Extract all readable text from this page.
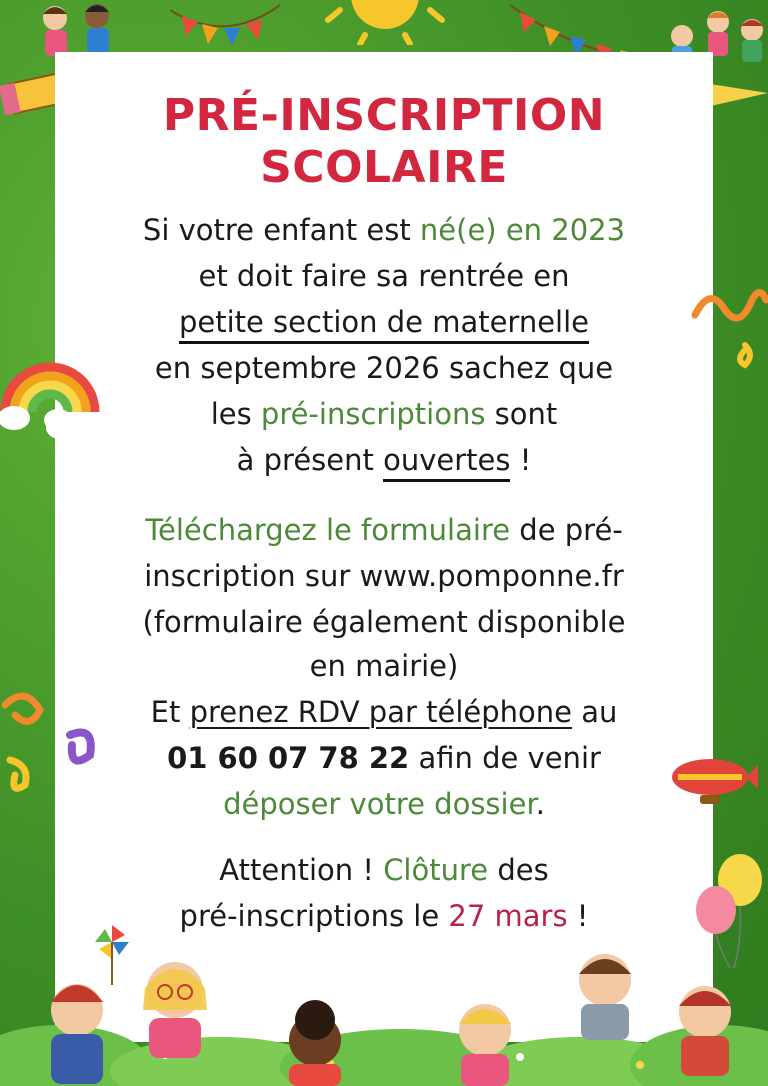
PRÉ-INSCRIPTION
SCOLAIRE
Si votre enfant est né(e) en 2023
et doit faire sa rentrée en
petite section de maternelle
en septembre 2026 sachez que
les pré-inscriptions sont
à présent ouvertes !
Téléchargez le formulaire de pré-
inscription sur www.pomponne.fr
(formulaire également disponible
en mairie)
Et prenez RDV par téléphone au
01 60 07 78 22 afin de venir
déposer votre dossier.
Attention ! Clôture des
pré-inscriptions le 27 mars !
